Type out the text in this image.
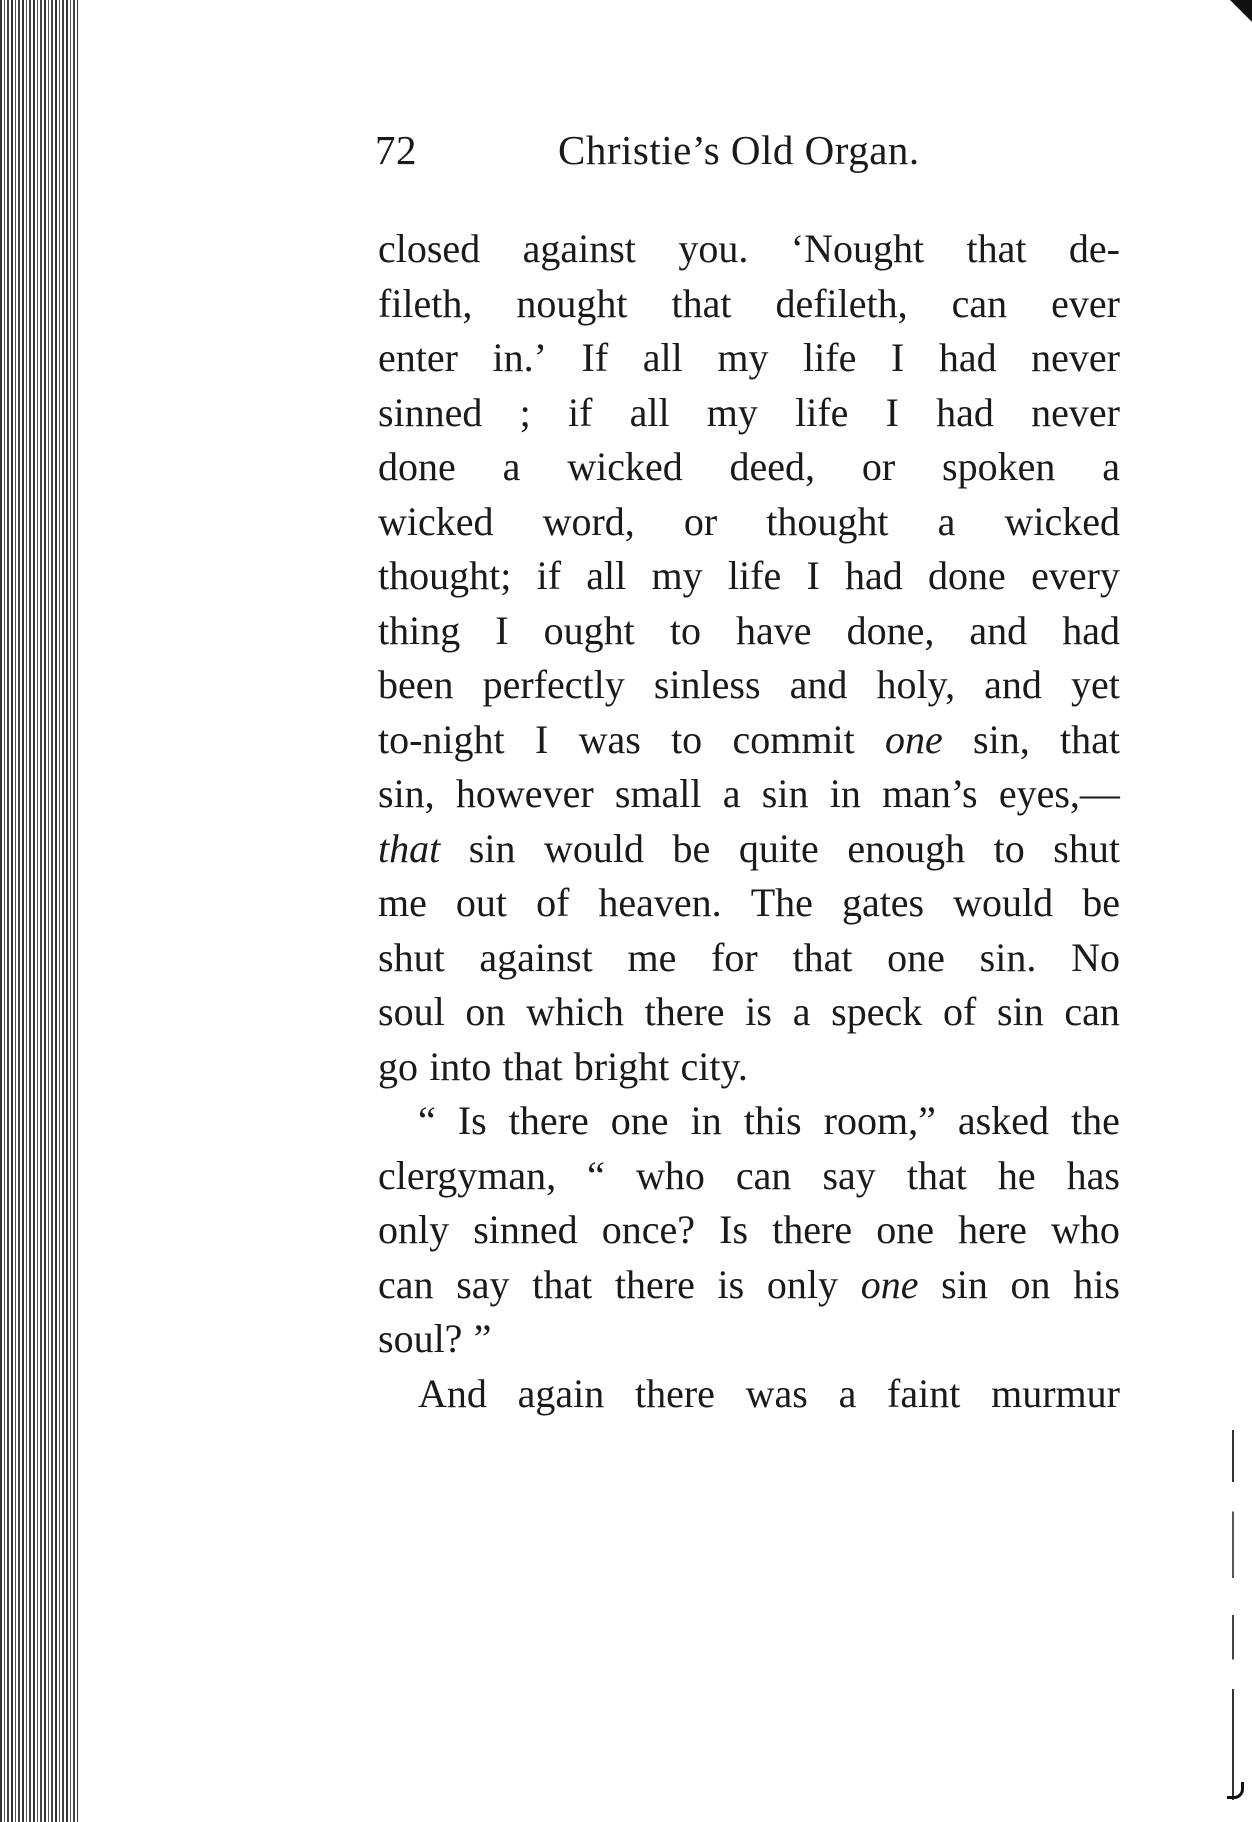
72	Christie’s Old Organ.
closed against you. ‘Nought that de-
fileth, nought that defileth, can ever
enter in.’ If all my life I had never
sinned ; if all my life I had never
done a wicked deed, or spoken a
wicked word, or thought a wicked
thought; if all my life I had done every
thing I ought to have done, and had
been perfectly sinless and holy, and yet
to-night I was to commit one sin, that
sin, however small a sin in man’s eyes,—
that sin would be quite enough to shut
me out of heaven. The gates would be
shut against me for that one sin. No
soul on which there is a speck of sin can
go into that bright city.
“ Is there one in this room,” asked the
clergyman, “ who can say that he has
only sinned once? Is there one here who
can say that there is only one sin on his
soul? ”
And again there was a faint murmur
